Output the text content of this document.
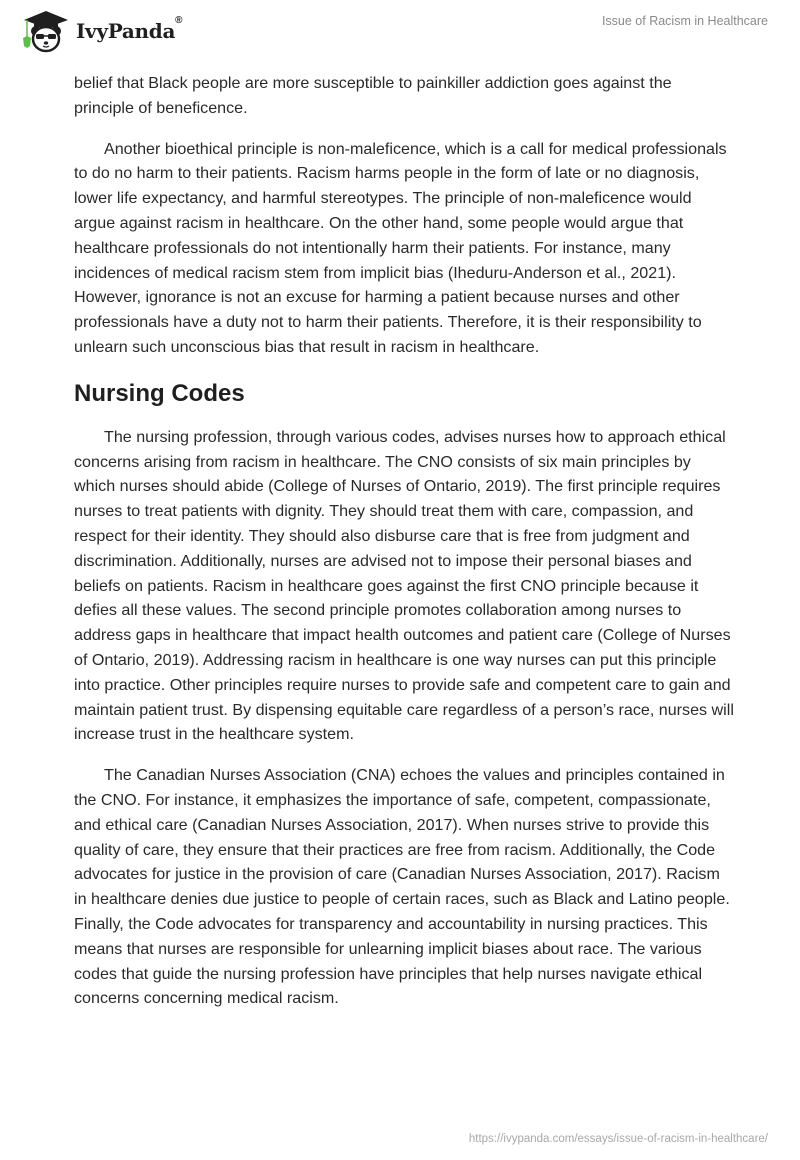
IvyPanda®	Issue of Racism in Healthcare

belief that Black people are more susceptible to painkiller addiction goes against the principle of beneficence.

Another bioethical principle is non-maleficence, which is a call for medical professionals to do no harm to their patients. Racism harms people in the form of late or no diagnosis, lower life expectancy, and harmful stereotypes. The principle of non-maleficence would argue against racism in healthcare. On the other hand, some people would argue that healthcare professionals do not intentionally harm their patients. For instance, many incidences of medical racism stem from implicit bias (Iheduru-Anderson et al., 2021). However, ignorance is not an excuse for harming a patient because nurses and other professionals have a duty not to harm their patients. Therefore, it is their responsibility to unlearn such unconscious bias that result in racism in healthcare.

Nursing Codes

The nursing profession, through various codes, advises nurses how to approach ethical concerns arising from racism in healthcare. The CNO consists of six main principles by which nurses should abide (College of Nurses of Ontario, 2019). The first principle requires nurses to treat patients with dignity. They should treat them with care, compassion, and respect for their identity. They should also disburse care that is free from judgment and discrimination. Additionally, nurses are advised not to impose their personal biases and beliefs on patients. Racism in healthcare goes against the first CNO principle because it defies all these values. The second principle promotes collaboration among nurses to address gaps in healthcare that impact health outcomes and patient care (College of Nurses of Ontario, 2019). Addressing racism in healthcare is one way nurses can put this principle into practice. Other principles require nurses to provide safe and competent care to gain and maintain patient trust. By dispensing equitable care regardless of a person’s race, nurses will increase trust in the healthcare system.

The Canadian Nurses Association (CNA) echoes the values and principles contained in the CNO. For instance, it emphasizes the importance of safe, competent, compassionate, and ethical care (Canadian Nurses Association, 2017). When nurses strive to provide this quality of care, they ensure that their practices are free from racism. Additionally, the Code advocates for justice in the provision of care (Canadian Nurses Association, 2017). Racism in healthcare denies due justice to people of certain races, such as Black and Latino people. Finally, the Code advocates for transparency and accountability in nursing practices. This means that nurses are responsible for unlearning implicit biases about race. The various codes that guide the nursing profession have principles that help nurses navigate ethical concerns concerning medical racism.

https://ivypanda.com/essays/issue-of-racism-in-healthcare/
